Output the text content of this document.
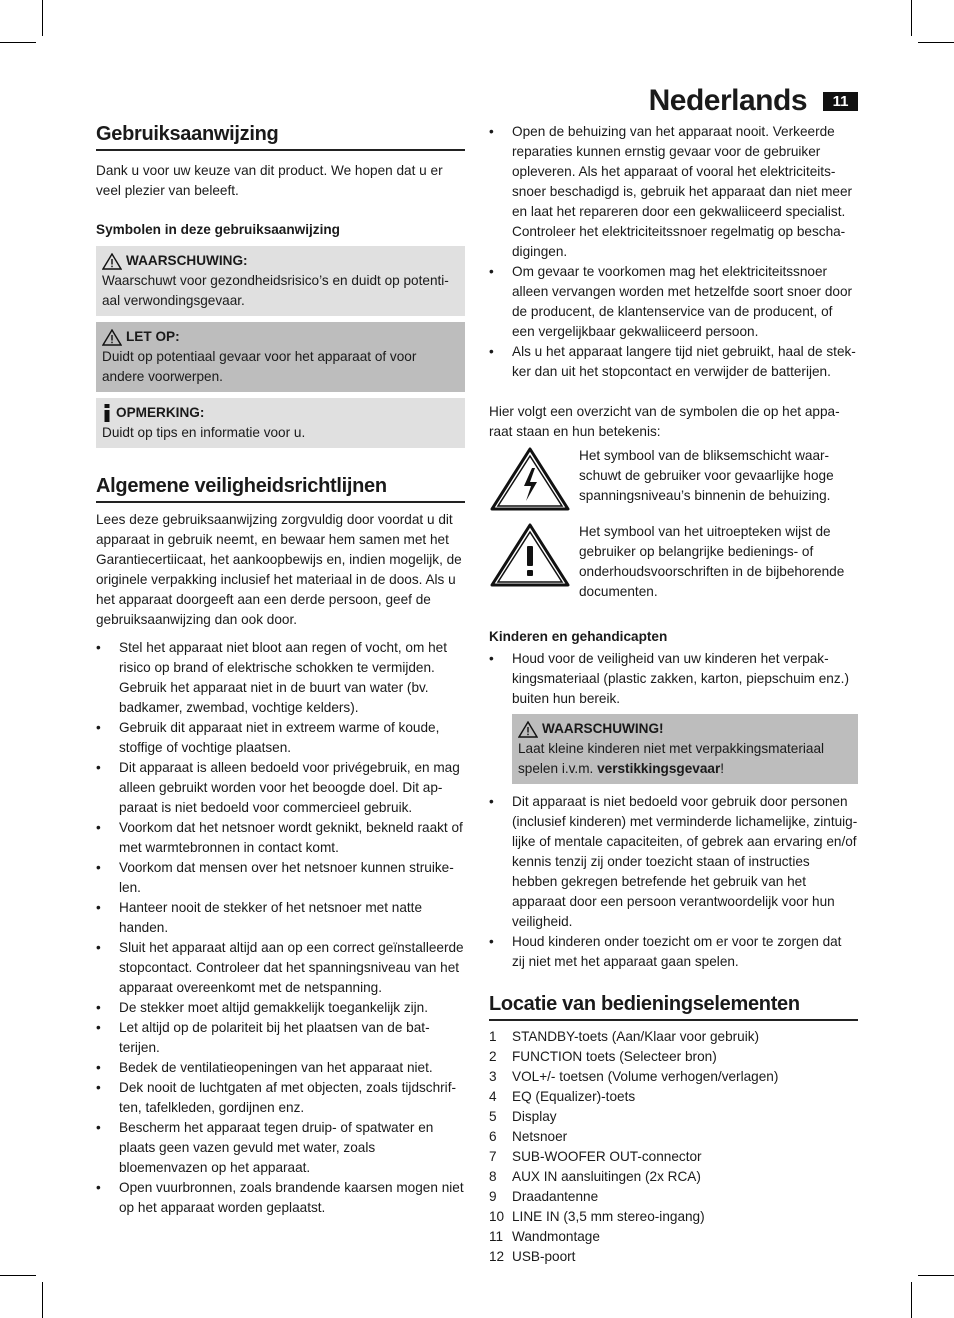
Nederlands	11
Gebruiksaanwijzing

Dank u voor uw keuze van dit product. We hopen dat u er veel plezier van beleeft.

Symbolen in deze gebruiksaanwijzing

WAARSCHUWING:

Waarschuwt voor gezondheidsrisico’s en duidt op potenti-aal verwondingsgevaar.

LET OP:

Duidt op potentiaal gevaar voor het apparaat of voor andere voorwerpen.

OPMERKING:

Duidt op tips en informatie voor u.

Algemene veiligheidsrichtlijnen

Lees deze gebruiksaanwijzing zorgvuldig door voordat u dit apparaat in gebruik neemt, en bewaar hem samen met het Garantiecertiicaat, het aankoopbewijs en, indien mogelijk, de originele verpakking inclusief het materiaal in de doos. Als u het apparaat doorgeeft aan een derde persoon, geef de gebruiksaanwijzing dan ook door.

• Stel het apparaat niet bloot aan regen of vocht, om het risico op brand of elektrische schokken te vermijden. Gebruik het apparaat niet in de buurt van water (bv. badkamer, zwembad, vochtige kelders).
• Gebruik dit apparaat niet in extreem warme of koude, stoffige of vochtige plaatsen.
• Dit apparaat is alleen bedoeld voor privégebruik, en mag alleen gebruikt worden voor het beoogde doel. Dit ap-paraat is niet bedoeld voor commercieel gebruik.
• Voorkom dat het netsnoer wordt geknikt, bekneld raakt of met warmtebronnen in contact komt.
• Voorkom dat mensen over het netsnoer kunnen struike-len.
• Hanteer nooit de stekker of het netsnoer met natte handen.
• Sluit het apparaat altijd aan op een correct geïnstalleerde stopcontact. Controleer dat het spanningsniveau van het apparaat overeenkomt met de netspanning.
• De stekker moet altijd gemakkelijk toegankelijk zijn.
• Let altijd op de polariteit bij het plaatsen van de bat-terijen.
• Bedek de ventilatieopeningen van het apparaat niet.
• Dek nooit de luchtgaten af met objecten, zoals tijdschrif-ten, tafelkleden, gordijnen enz.
• Bescherm het apparaat tegen druip- of spatwater en plaats geen vazen gevuld met water, zoals bloemenvazen op het apparaat.
• Open vuurbronnen, zoals brandende kaarsen mogen niet op het apparaat worden geplaatst.
• Open de behuizing van het apparaat nooit. Verkeerde reparaties kunnen ernstig gevaar voor de gebruiker opleveren. Als het apparaat of vooral het elektriciteits-snoer beschadigd is, gebruik het apparaat dan niet meer en laat het repareren door een gekwaliiceerd specialist. Controleer het elektriciteitssnoer regelmatig op bescha-digingen.
• Om gevaar te voorkomen mag het elektriciteitssnoer alleen vervangen worden met hetzelfde soort snoer door de producent, de klantenservice van de producent, of een vergelijkbaar gekwaliiceerd persoon.
• Als u het apparaat langere tijd niet gebruikt, haal de stek-ker dan uit het stopcontact en verwijder de batterijen.

Hier volgt een overzicht van de symbolen die op het appa-raat staan en hun betekenis:

Het symbool van de bliksemschicht waar-schuwt de gebruiker voor gevaarlijke hoge spanningsniveau’s binnenin de behuizing.

Het symbool van het uitroepteken wijst de gebruiker op belangrijke bedienings- of onderhoudsvoorschriften in de bijbehorende documenten.

Kinderen en gehandicapten

• Houd voor de veiligheid van uw kinderen het verpak-kingsmateriaal (plastic zakken, karton, piepschuim enz.) buiten hun bereik.
WAARSCHUWING!

Laat kleine kinderen niet met verpakkingsmateriaal spelen i.v.m. verstikkingsgevaar!

• Dit apparaat is niet bedoeld voor gebruik door personen (inclusief kinderen) met verminderde lichamelijke, zintuig-lijke of mentale capaciteiten, of gebrek aan ervaring en/of kennis tenzij zij onder toezicht staan of instructies hebben gekregen betrefende het gebruik van het apparaat door een persoon verantwoordelijk voor hun veiligheid.
• Houd kinderen onder toezicht om er voor te zorgen dat zij niet met het apparaat gaan spelen.
Locatie van bedieningselementen
1	STANDBY-toets (Aan/Klaar voor gebruik)
2	FUNCTION toets (Selecteer bron)
3	VOL+/- toetsen (Volume verhogen/verlagen)
4	EQ (Equalizer)-toets
5	Display
6	Netsnoer
7	SUB-WOOFER OUT-connector
8	AUX IN aansluitingen (2x RCA)
9	Draadantenne
10 LINE IN (3,5 mm stereo-ingang)
11 Wandmontage
12 USB-poort
